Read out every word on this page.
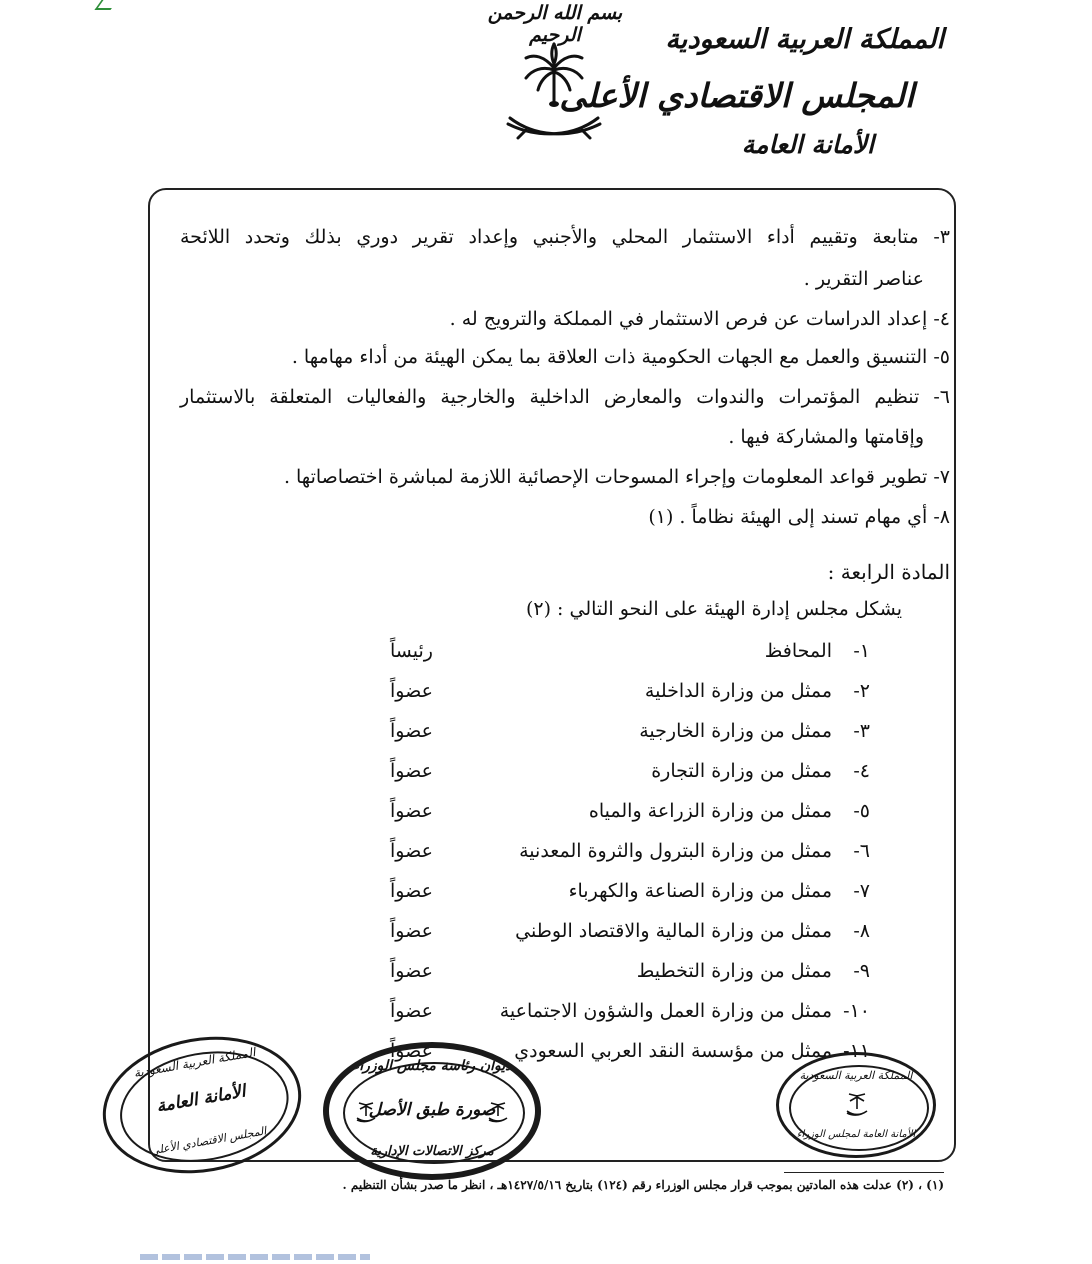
بسم الله الرحمن الرحيم	المملكة العربية السعودية
المجلس الاقتصادي الأعلى
الأمانة العامة
٣- متابعة وتقييم أداء الاستثمار المحلي والأجنبي وإعداد تقرير دوري بذلك وتحدد اللائحة
عناصر التقرير .
٤- إعداد الدراسات عن فرص الاستثمار في المملكة والترويج له .
٥- التنسيق والعمل مع الجهات الحكومية ذات العلاقة بما يمكن الهيئة من أداء مهامها .
٦- تنظيم المؤتمرات والندوات والمعارض الداخلية والخارجية والفعاليات المتعلقة بالاستثمار
وإقامتها والمشاركة فيها .
٧- تطوير قواعد المعلومات وإجراء المسوحات الإحصائية اللازمة لمباشرة اختصاصاتها .
٨- أي مهام تسند إلى الهيئة نظاماً . (١)
المادة الرابعة :
يشكل مجلس إدارة الهيئة على النحو التالي : (٢)
١-
المحافظ
رئيساً
٢-
ممثل من وزارة الداخلية
عضواً
٣-
ممثل من وزارة الخارجية
عضواً
٤-
ممثل من وزارة التجارة
عضواً
٥-
ممثل من وزارة الزراعة والمياه
عضواً
٦-
ممثل من وزارة البترول والثروة المعدنية
عضواً
٧-
ممثل من وزارة الصناعة والكهرباء
عضواً
٨-
ممثل من وزارة المالية والاقتصاد الوطني
عضواً
٩-
ممثل من وزارة التخطيط
عضواً
١٠-
ممثل من وزارة العمل والشؤون الاجتماعية
عضواً
١١-
ممثل من مؤسسة النقد العربي السعودي
عضواً
المملكة العربية السعودية
الأمانة العامة
المجلس الاقتصادي الأعلى
ديوان رئاسة مجلس الوزراء
صورة طبق الأصل
مركز الاتصالات الإدارية
المملكة العربية السعودية
الأمانة العامة لمجلس الوزراء
(١) ، (٢) عدلت هذه المادتين بموجب قرار مجلس الوزراء رقم (١٢٤) بتاريخ ١٤٢٧/٥/١٦هـ ، انظر ما صدر بشأن التنظيم .
